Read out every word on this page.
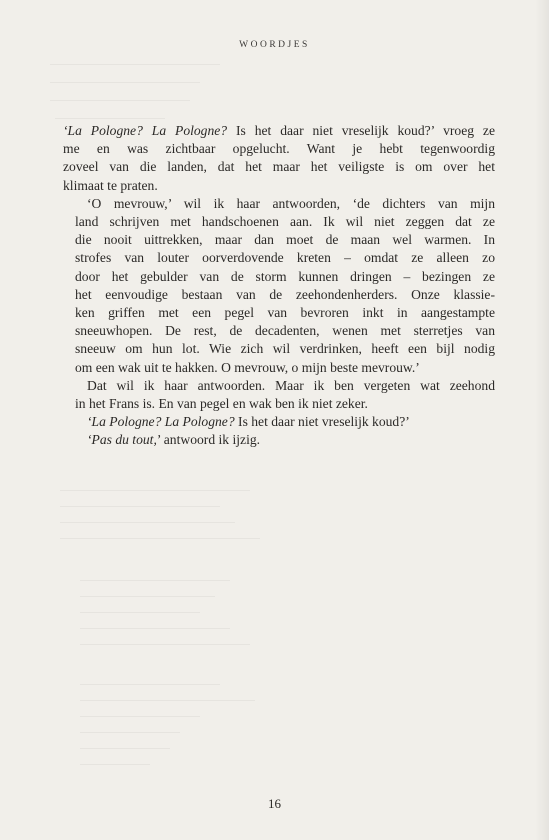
WOORDJES
‘La Pologne? La Pologne? Is het daar niet vreselijk koud?’ vroeg ze
me en was zichtbaar opgelucht. Want je hebt tegenwoordig
zoveel van die landen, dat het maar het veiligste is om over het
klimaat te praten.
‘O mevrouw,’ wil ik haar antwoorden, ‘de dichters van mijn
land schrijven met handschoenen aan. Ik wil niet zeggen dat ze
die nooit uittrekken, maar dan moet de maan wel warmen. In
strofes van louter oorverdovende kreten – omdat ze alleen zo
door het gebulder van de storm kunnen dringen – bezingen ze
het eenvoudige bestaan van de zeehondenherders. Onze klassie-
ken griffen met een pegel van bevroren inkt in aangestampte
sneeuwhopen. De rest, de decadenten, wenen met sterretjes van
sneeuw om hun lot. Wie zich wil verdrinken, heeft een bijl nodig
om een wak uit te hakken. O mevrouw, o mijn beste mevrouw.’
Dat wil ik haar antwoorden. Maar ik ben vergeten wat zeehond
in het Frans is. En van pegel en wak ben ik niet zeker.
‘La Pologne? La Pologne? Is het daar niet vreselijk koud?’
‘Pas du tout,’ antwoord ik ijzig.
16
